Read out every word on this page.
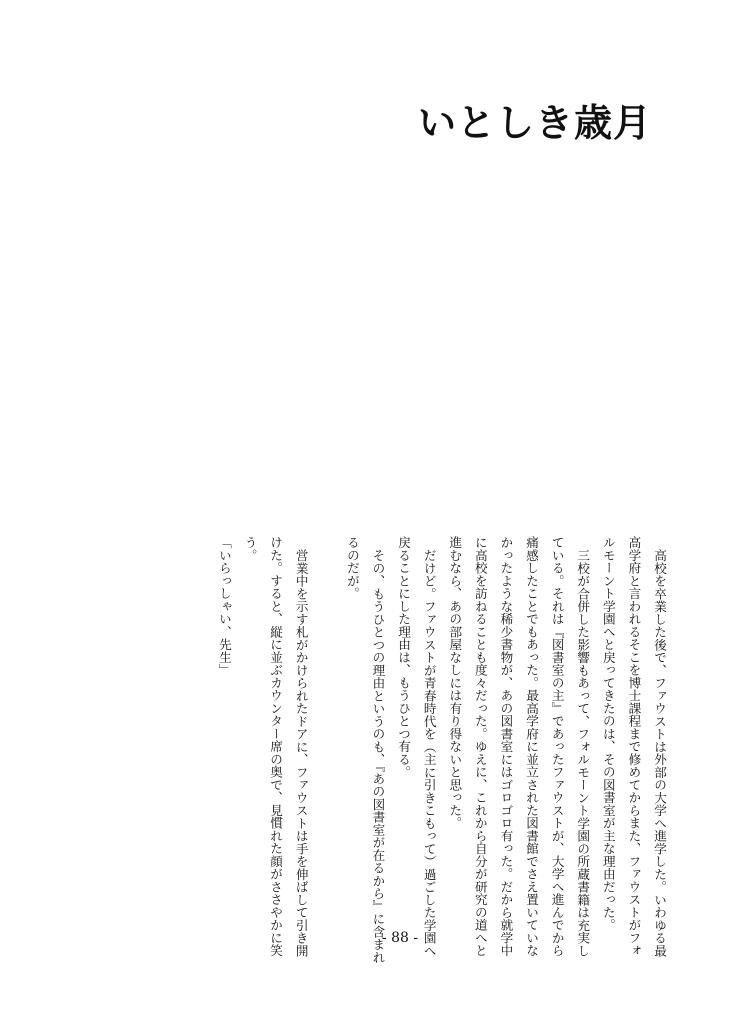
いとしき歳月

高校を卒業した後で、ファウストは外部の大学へ進学した。いわゆる最高学府と言われるそこを博士課程まで修めてからまた、ファウストがフォルモーント学園へと戻ってきたのは、その図書室が主な理由だった。

三校が合併した影響もあって、フォルモーント学園の所蔵書籍は充実している。それは『図書室の主』であったファウストが、大学へ進んでから痛感したことでもあった。最高学府に並立された図書館でさえ置いていなかったような稀少書物が、あの図書室にはゴロゴロ有った。だから就学中に高校を訪ねることも度々だった。ゆえに、これから自分が研究の道へと進むなら、あの部屋なしには有り得ないと思った。

だけど。ファウストが青春時代を（主に引きこもって）過ごした学園へ戻ることにした理由は、もうひとつ有る。

その、もうひとつの理由というのも、『あの図書室が在るから』に含まれるのだが。

営業中を示す札がかけられたドアに、ファウストは手を伸ばして引き開けた。すると、縦に並ぶカウンター席の奥で、見慣れた顔がささやかに笑う。

「いらっしゃい、先生」

- 88 -
